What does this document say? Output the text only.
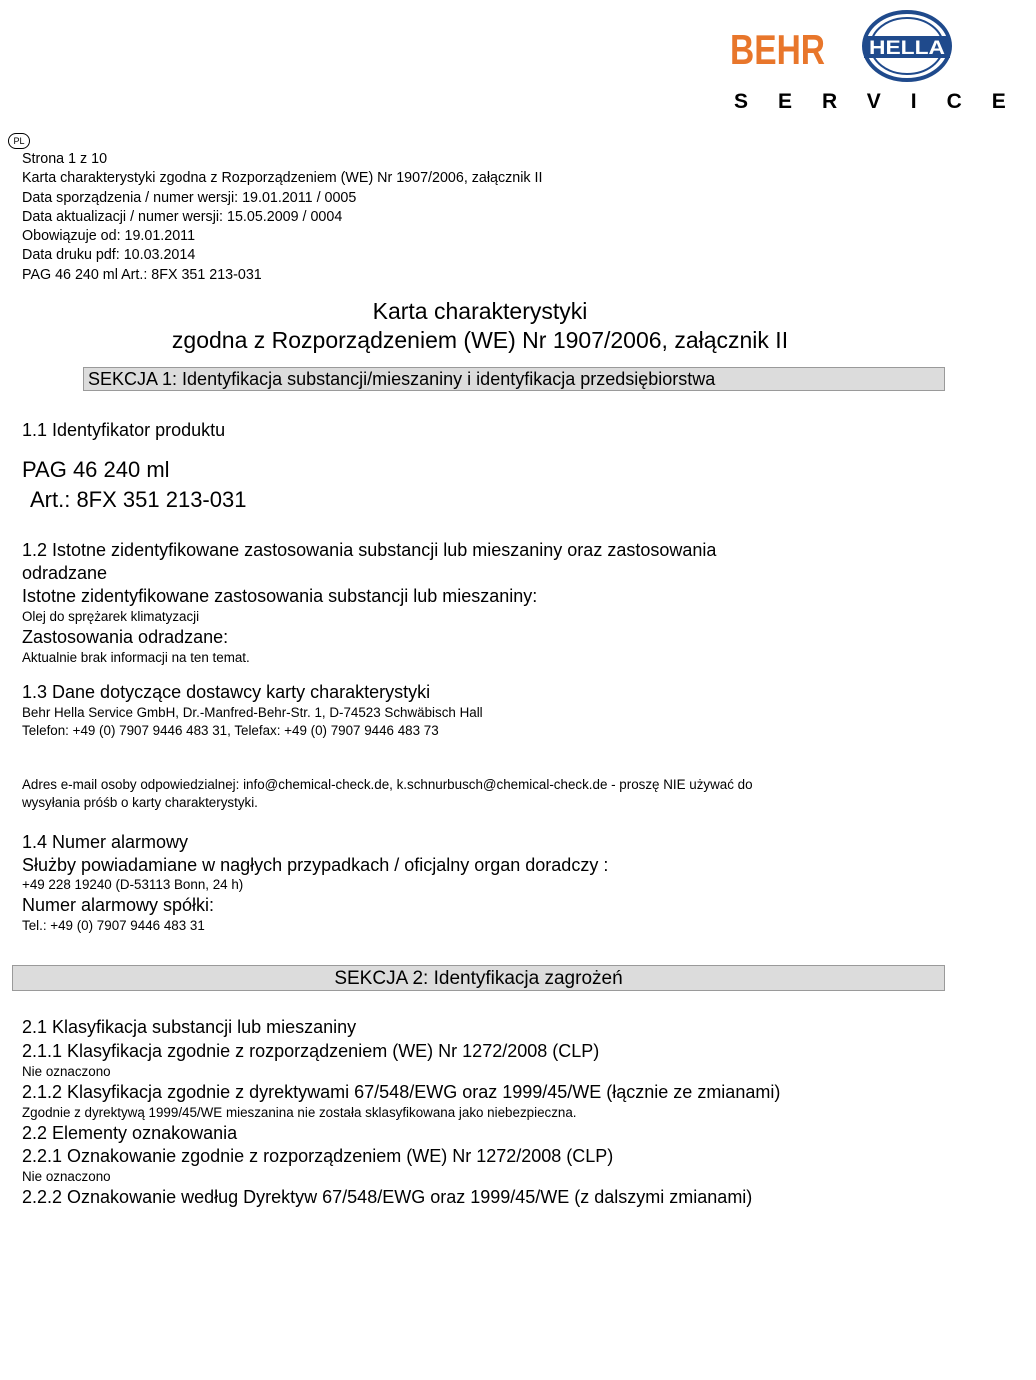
BEHR HELLA
SERVICE
PL
Strona 1 z 10
Karta charakterystyki zgodna z Rozporządzeniem (WE) Nr 1907/2006, załącznik II
Data sporządzenia / numer wersji: 19.01.2011 / 0005
Data aktualizacji / numer wersji: 15.05.2009 / 0004
Obowiązuje od: 19.01.2011
Data druku pdf: 10.03.2014
PAG 46 240 ml Art.: 8FX 351 213-031
Karta charakterystyki
zgodna z Rozporządzeniem (WE) Nr 1907/2006, załącznik II
SEKCJA 1: Identyfikacja substancji/mieszaniny i identyfikacja przedsiębiorstwa
1.1 Identyfikator produktu
PAG 46 240 ml
Art.: 8FX 351 213-031
1.2 Istotne zidentyfikowane zastosowania substancji lub mieszaniny oraz zastosowania
odradzane
Istotne zidentyfikowane zastosowania substancji lub mieszaniny:
Olej do sprężarek klimatyzacji
Zastosowania odradzane:
Aktualnie brak informacji na ten temat.
1.3 Dane dotyczące dostawcy karty charakterystyki
Behr Hella Service GmbH, Dr.-Manfred-Behr-Str. 1, D-74523 Schwäbisch Hall
Telefon: +49 (0) 7907 9446 483 31, Telefax: +49 (0) 7907 9446 483 73
Adres e-mail osoby odpowiedzialnej: info@chemical-check.de, k.schnurbusch@chemical-check.de - proszę NIE używać do
wysyłania próśb o karty charakterystyki.
1.4 Numer alarmowy
Służby powiadamiane w nagłych przypadkach / oficjalny organ doradczy :
+49 228 19240 (D-53113 Bonn, 24 h)
Numer alarmowy spółki:
Tel.: +49 (0) 7907 9446 483 31
SEKCJA 2: Identyfikacja zagrożeń
2.1 Klasyfikacja substancji lub mieszaniny
2.1.1 Klasyfikacja zgodnie z rozporządzeniem (WE) Nr 1272/2008 (CLP)
Nie oznaczono
2.1.2 Klasyfikacja zgodnie z dyrektywami 67/548/EWG oraz 1999/45/WE (łącznie ze zmianami)
Zgodnie z dyrektywą 1999/45/WE mieszanina nie została sklasyfikowana jako niebezpieczna.
2.2 Elementy oznakowania
2.2.1 Oznakowanie zgodnie z rozporządzeniem (WE) Nr 1272/2008 (CLP)
Nie oznaczono
2.2.2 Oznakowanie według Dyrektyw 67/548/EWG oraz 1999/45/WE (z dalszymi zmianami)
